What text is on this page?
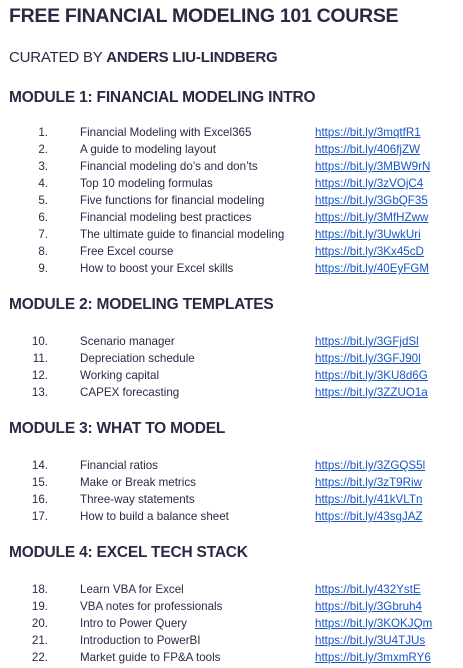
FREE FINANCIAL MODELING 101 COURSE
CURATED BY ANDERS LIU-LINDBERG
MODULE 1: FINANCIAL MODELING INTRO
1.	Financial Modeling with Excel365	https://bit.ly/3mqtfR1
2.	A guide to modeling layout	https://bit.ly/406fjZW
3.	Financial modeling do’s and don’ts	https://bit.ly/3MBW9rN
4.	Top 10 modeling formulas	https://bit.ly/3zVOjC4
5.	Five functions for financial modeling	https://bit.ly/3GbQF35
6.	Financial modeling best practices	https://bit.ly/3MfHZww
7.	The ultimate guide to financial modeling	https://bit.ly/3UwkUri
8.	Free Excel course	https://bit.ly/3Kx45cD
9.	How to boost your Excel skills	https://bit.ly/40EyFGM
MODULE 2: MODELING TEMPLATES
10.	Scenario manager	https://bit.ly/3GFjdSl
11.	Depreciation schedule	https://bit.ly/3GFJ90l
12.	Working capital	https://bit.ly/3KU8d6G
13.	CAPEX forecasting	https://bit.ly/3ZZUO1a
MODULE 3: WHAT TO MODEL
14.	Financial ratios	https://bit.ly/3ZGQS5l
15.	Make or Break metrics	https://bit.ly/3zT9Riw
16.	Three-way statements	https://bit.ly/41kVLTn
17.	How to build a balance sheet	https://bit.ly/43sgJAZ
MODULE 4: EXCEL TECH STACK
18.	Learn VBA for Excel	https://bit.ly/432YstE
19.	VBA notes for professionals	https://bit.ly/3Gbruh4
20.	Intro to Power Query	https://bit.ly/3KOKJQm
21.	Introduction to PowerBI	https://bit.ly/3U4TJUs
22.	Market guide to FP&A tools	https://bit.ly/3mxmRY6
